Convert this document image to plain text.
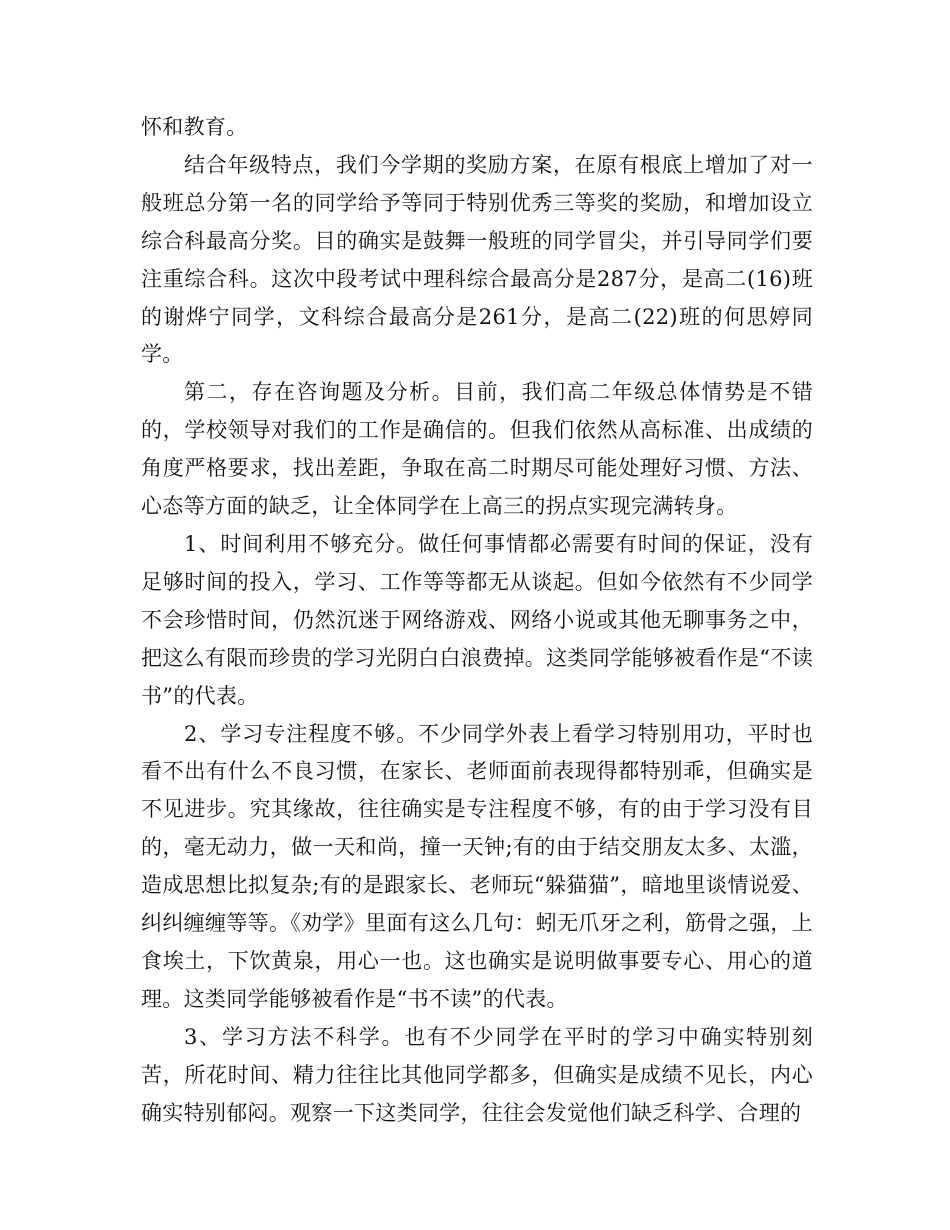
怀和教育。

结合年级特点，我们今学期的奖励方案，在原有根底上增加了对一般班总分第一名的同学给予等同于特别优秀三等奖的奖励，和增加设立综合科最高分奖。目的确实是鼓舞一般班的同学冒尖，并引导同学们要注重综合科。这次中段考试中理科综合最高分是287分，是高二(16)班的谢烨宁同学，文科综合最高分是261分，是高二(22)班的何思婷同学。

第二，存在咨询题及分析。目前，我们高二年级总体情势是不错的，学校领导对我们的工作是确信的。但我们依然从高标准、出成绩的角度严格要求，找出差距，争取在高二时期尽可能处理好习惯、方法、心态等方面的缺乏，让全体同学在上高三的拐点实现完满转身。

1、时间利用不够充分。做任何事情都必需要有时间的保证，没有足够时间的投入，学习、工作等等都无从谈起。但如今依然有不少同学不会珍惜时间，仍然沉迷于网络游戏、网络小说或其他无聊事务之中，把这么有限而珍贵的学习光阴白白浪费掉。这类同学能够被看作是“不读书”的代表。

2、学习专注程度不够。不少同学外表上看学习特别用功，平时也看不出有什么不良习惯，在家长、老师面前表现得都特别乖，但确实是不见进步。究其缘故，往往确实是专注程度不够，有的由于学习没有目的，毫无动力，做一天和尚，撞一天钟;有的由于结交朋友太多、太滥，造成思想比拟复杂;有的是跟家长、老师玩“躲猫猫”，暗地里谈情说爱、纠纠缠缠等等。《劝学》里面有这么几句：蚓无爪牙之利，筋骨之强，上食埃土，下饮黄泉，用心一也。这也确实是说明做事要专心、用心的道理。这类同学能够被看作是“书不读”的代表。

3、学习方法不科学。也有不少同学在平时的学习中确实特别刻苦，所花时间、精力往往比其他同学都多，但确实是成绩不见长，内心确实特别郁闷。观察一下这类同学，往往会发觉他们缺乏科学、合理的
